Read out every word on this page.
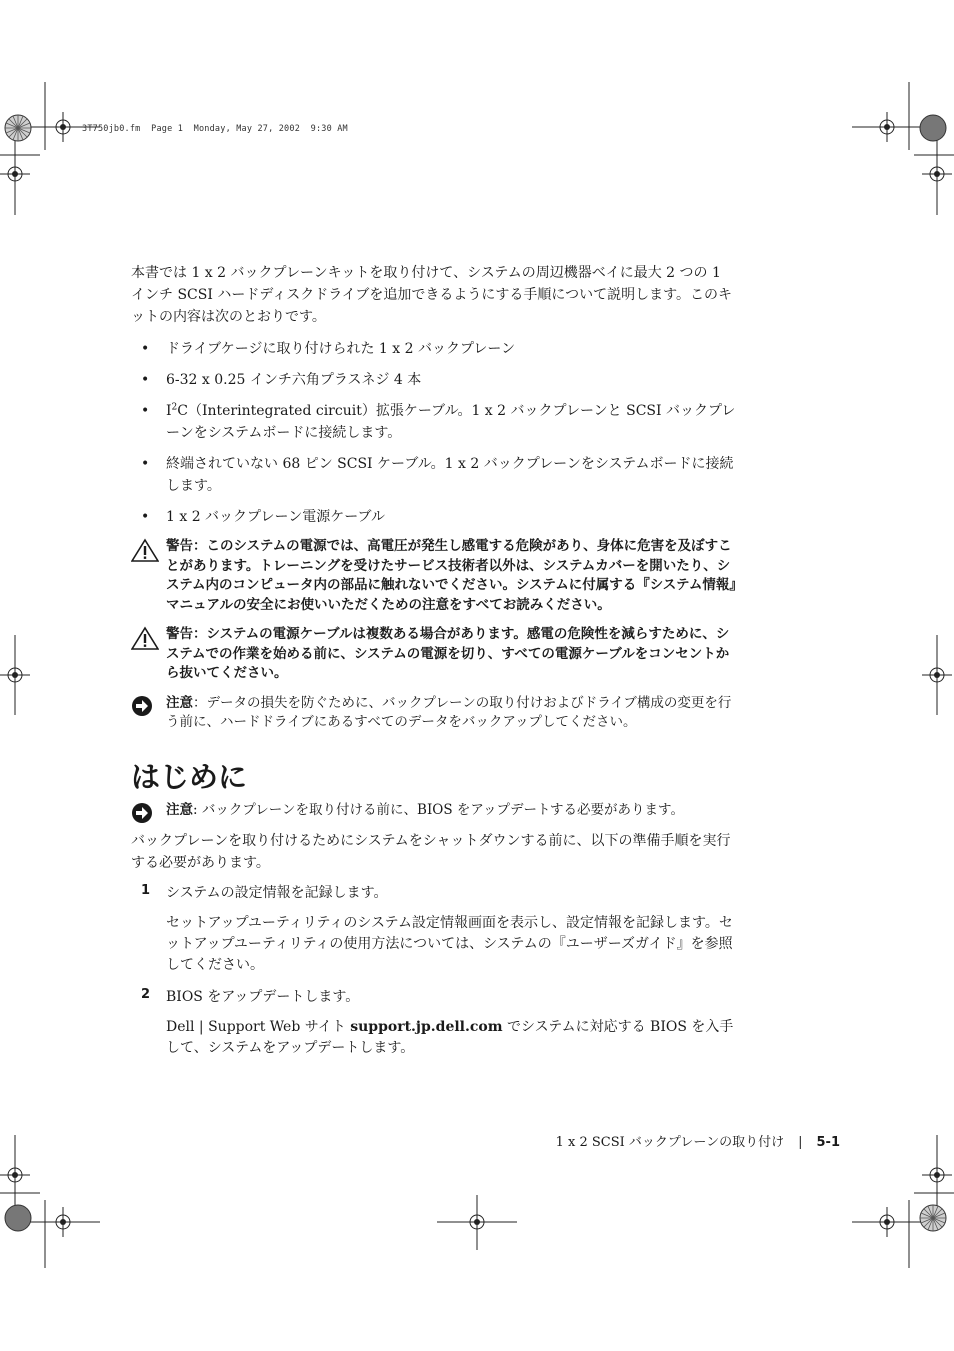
3T750jb0.fm  Page 1  Monday, May 27, 2002  9:30 AM

本書では 1 x 2 バックプレーンキットを取り付けて、システムの周辺機器ベイに最大 2 つの 1 インチ SCSI ハードディスクドライブを追加できるようにする手順について説明します。このキットの内容は次のとおりです。

• ドライブケージに取り付けられた 1 x 2 バックプレーン
• 6-32 x 0.25 インチ六角プラスネジ 4 本
• $I^2C(Interintegrated$ circuit）拡張ケーブル。1 x 2 バックプレーンと SCSI バックプレーンをシステムボードに接続します。
• 終端されていない 68 ピン SCSI ケーブル。1 x 2 バックプレーンをシステムボードに接続します。
• 1 x 2 バックプレーン電源ケーブル

警告：このシステムの電源では、高電圧が発生し感電する危険があり、身体に危害を及ぼすことがあります。トレーニングを受けたサービス技術者以外は、システムカバーを開いたり、システム内のコンピュータ内の部品に触れないでください。システムに付属する『システム情報』マニュアルの安全にお使いいただくための注意をすべてお読みください。

警告：システムの電源ケーブルは複数ある場合があります。感電の危険性を減らすために、システムでの作業を始める前に、システムの電源を切り、すべての電源ケーブルをコンセントから抜いてください。

注意：データの損失を防ぐために、バックプレーンの取り付けおよびドライブ構成の変更を行う前に、ハードドライブにあるすべてのデータをバックアップしてください。

はじめに

注意: バックプレーンを取り付ける前に、BIOS をアップデートする必要があります。

バックプレーンを取り付けるためにシステムをシャットダウンする前に、以下の準備手順を実行する必要があります。

1 システムの設定情報を記録します。

セットアップユーティリティのシステム設定情報画面を表示し、設定情報を記録します。セットアップユーティリティの使用方法については、システムの『ユーザーズガイド』を参照してください。

2 BIOS をアップデートします。

Dell | Support Web サイト support.jp.dell.com でシステムに対応する BIOS を入手して、システムをアップデートします。

1 x 2 SCSI バックプレーンの取り付け | 5-1
